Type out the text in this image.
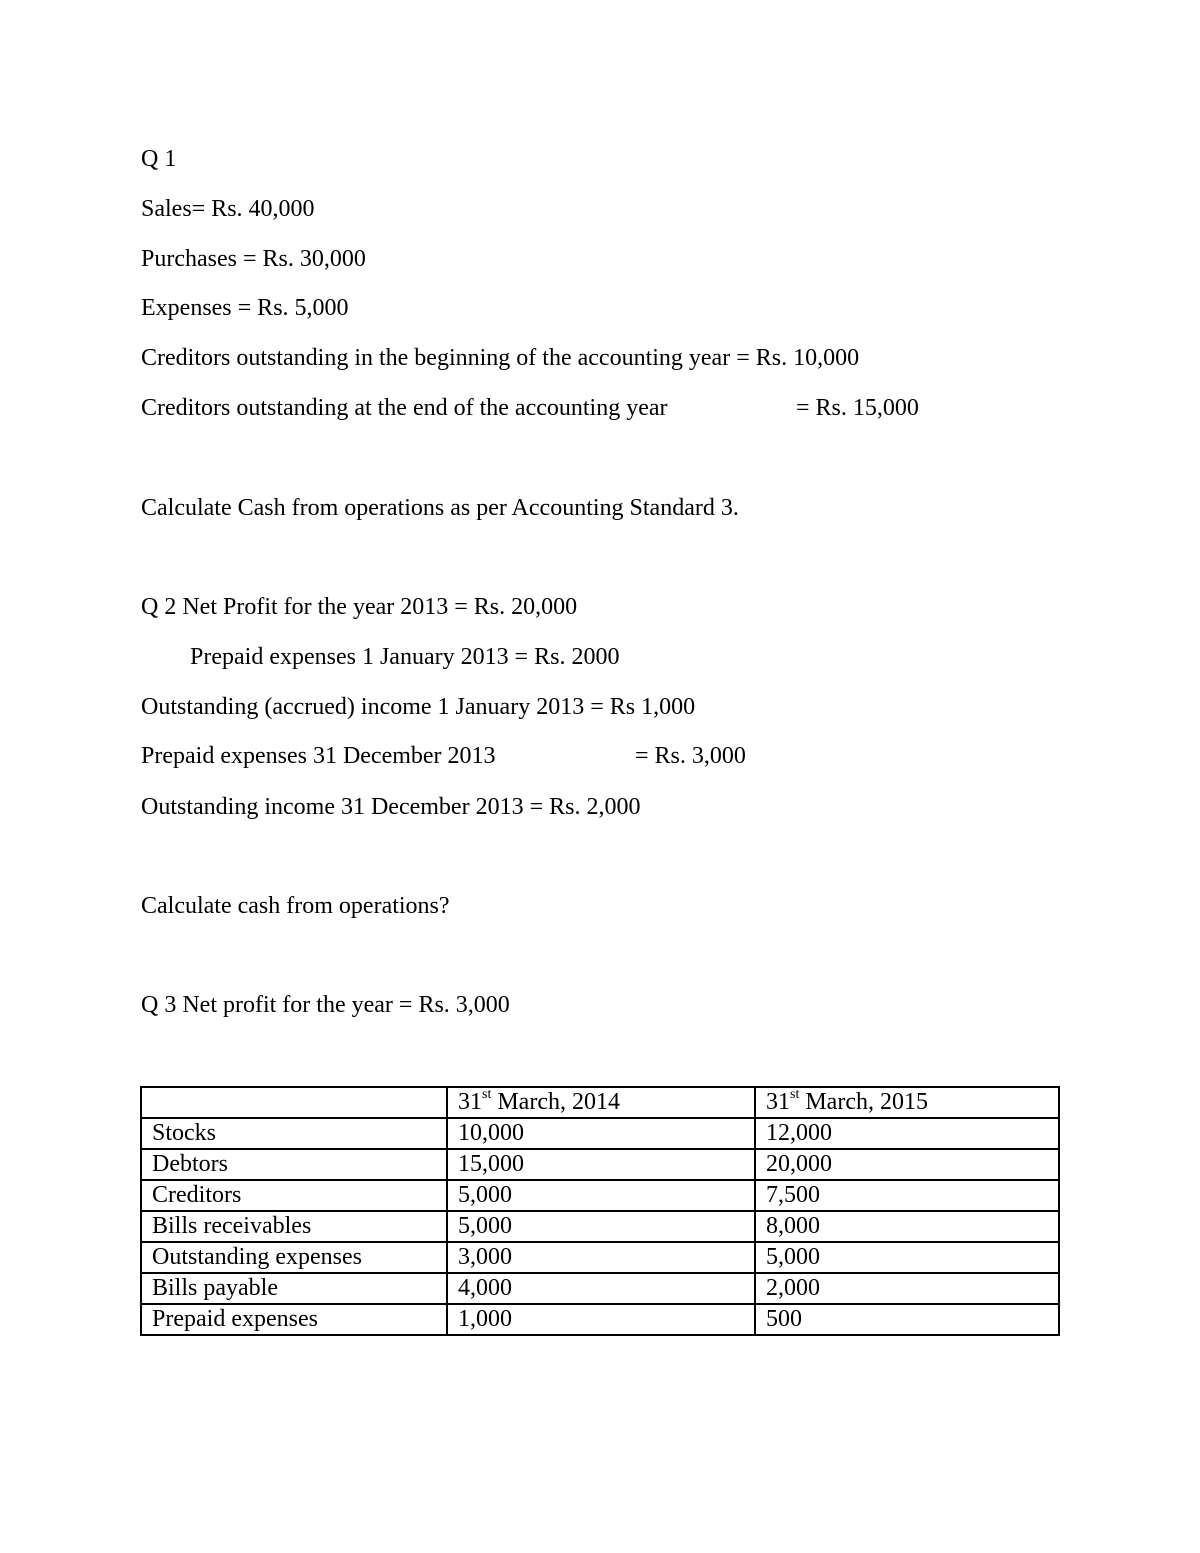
Q 1
Sales= Rs. 40,000
Purchases = Rs. 30,000
Expenses = Rs. 5,000
Creditors outstanding in the beginning of the accounting year = Rs. 10,000
Creditors outstanding at the end of the accounting year	= Rs. 15,000
Calculate Cash from operations as per Accounting Standard 3.
Q 2 Net Profit for the year 2013 = Rs. 20,000
Prepaid expenses 1 January 2013 = Rs. 2000
Outstanding (accrued) income 1 January 2013 = Rs 1,000
Prepaid expenses 31 December 2013	= Rs. 3,000
Outstanding income 31 December 2013 = Rs. 2,000
Calculate cash from operations?
Q 3 Net profit for the year = Rs. 3,000
	31st March, 2014	31st March, 2015
Stocks	10,000	12,000
Debtors	15,000	20,000
Creditors	5,000	7,500
Bills receivables	5,000	8,000
Outstanding expenses	3,000	5,000
Bills payable	4,000	2,000
Prepaid expenses	1,000	500
